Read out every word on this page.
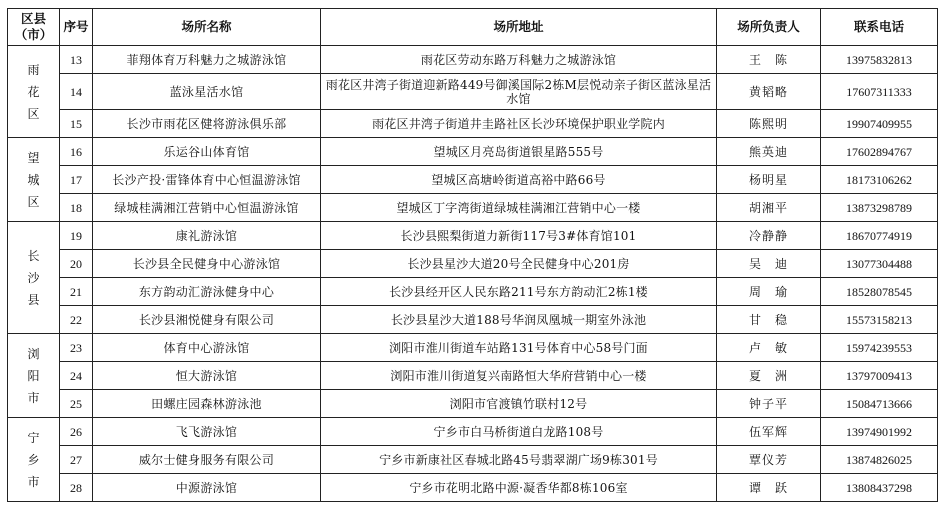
区县（市）	序号	场所名称	场所地址	场所负责人	联系电话
雨花区	13	菲翔体育万科魅力之城游泳馆	雨花区劳动东路万科魅力之城游泳馆	王　陈	13975832813
	14	蓝泳星活水馆	雨花区井湾子街道迎新路449号御溪国际2栋M层悦动亲子街区蓝泳星活水馆	黄韬略	17607311333
	15	长沙市雨花区健将游泳俱乐部	雨花区井湾子街道井圭路社区长沙环境保护职业学院内	陈熙明	19907409955
望城区	16	乐运谷山体育馆	望城区月亮岛街道银星路555号	熊英迪	17602894767
	17	长沙产投·雷锋体育中心恒温游泳馆	望城区高塘岭街道高裕中路66号	杨明星	18173106262
	18	绿城桂满湘江营销中心恒温游泳馆	望城区丁字湾街道绿城桂满湘江营销中心一楼	胡湘平	13873298789
长沙县	19	康礼游泳馆	长沙县熙梨街道力新街117号3#体育馆101	冷静静	18670774919
	20	长沙县全民健身中心游泳馆	长沙县星沙大道20号全民健身中心201房	吴　迪	13077304488
	21	东方韵动汇游泳健身中心	长沙县经开区人民东路211号东方韵动汇2栋1楼	周　瑜	18528078545
	22	长沙县湘悦健身有限公司	长沙县星沙大道188号华润凤凰城一期室外泳池	甘　稳	15573158213
浏阳市	23	体育中心游泳馆	浏阳市淮川街道车站路131号体育中心58号门面	卢　敏	15974239553
	24	恒大游泳馆	浏阳市淮川街道复兴南路恒大华府营销中心一楼	夏　洲	13797009413
	25	田螺庄园森林游泳池	浏阳市官渡镇竹联村12号	钟子平	15084713666
宁乡市	26	飞飞游泳馆	宁乡市白马桥街道白龙路108号	伍军辉	13974901992
	27	威尔士健身服务有限公司	宁乡市新康社区春城北路45号翡翠湖广场9栋301号	覃仪芳	13874826025
	28	中源游泳馆	宁乡市花明北路中源·凝香华都8栋106室	谭　跃	13808437298
